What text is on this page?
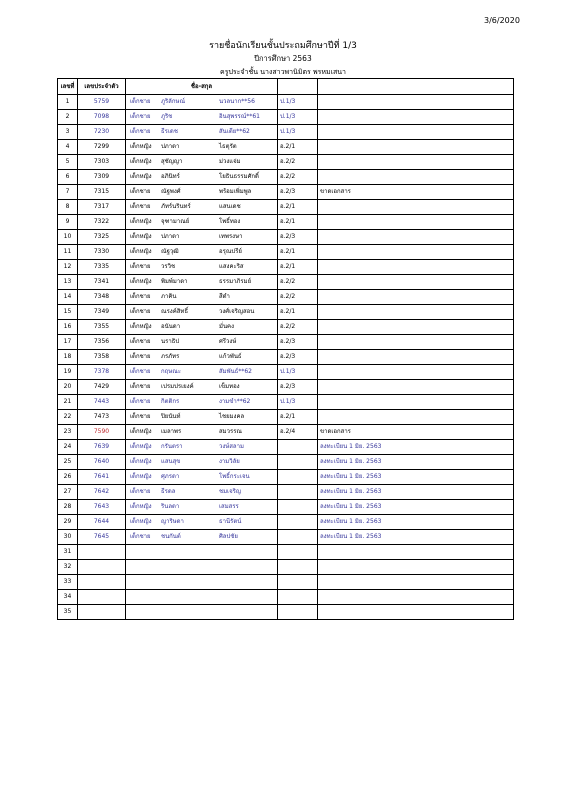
3/6/2020
รายชื่อนักเรียนชั้นประถมศึกษาปีที่ 1/3
ปีการศึกษา 2563
ครูประจำชั้น นางสาวพานิมิตร พรหมเสนา
เลขที่	เลขประจำตัว	ชื่อ-สกุล		
1	5759	เด็กชาย ภูริลักษณ์ นวลนาก**56	ป.1/3	
2	7098	เด็กชาย ภูริช อินสุพรรณ์**61	ป.1/3	
3	7230	เด็กชาย ธีรเดช สันเดีย**62	ป.1/3	
4	7299	เด็กหญิง ปภาดา ไธตุรัต	อ.2/1	
5	7303	เด็กหญิง สุชัญญา ม่วงแจ่ม	อ.2/2	
6	7309	เด็กหญิง อภินิทร์ โยธินธรรมศักดิ์	อ.2/2	
7	7315	เด็กชาย ณัฐพงศ์ พร้อมเพิ่มพูล	อ.2/3	ขาดเอกสาร
8	7317	เด็กชาย ภัทร์นรินทร์ แสนเดช	อ.2/1	
9	7322	เด็กหญิง จุฑามาณย์ โพธิ์ทอง	อ.2/1	
10	7325	เด็กหญิง ปภาดา เทพรงษา	อ.2/3	
11	7330	เด็กหญิง ณัฐวุฒิ อรุณปรีย์	อ.2/1	
12	7335	เด็กชาย วรวิช แสงคะริส	อ.2/1	
13	7341	เด็กหญิง พิมพ์มาดา ธรรมาภิรมย์	อ.2/2	
14	7348	เด็กชาย ภาคิน สีดำ	อ.2/2	
15	7349	เด็กชาย ณรงค์สิทธิ์ วงศ์เจริญสอน	อ.2/1	
16	7355	เด็กหญิง อนันดา มั่นคง	อ.2/2	
17	7356	เด็กชาย นราธิป ศรีวงษ์	อ.2/3	
18	7358	เด็กชาย ภรภัทร แก้วพันธ์	อ.2/3	
19	7378	เด็กชาย กฤษณะ สัมพันธ์**62	ป.1/3	
20	7429	เด็กชาย เปรมปรเยงค์ เข็มทอง	อ.2/3	
21	7443	เด็กชาย กิตติกร งามขำ**62	ป.1/3	
22	7473	เด็กชาย ปิยนันท์ ไชยมงคล	อ.2/1	
23	7590	เด็กหญิง เมลาพร สมวรรณ	อ.2/4	ขาดเอกสาร
24	7639	เด็กหญิง กรันตรา วงษ์สลาม		ลงทะเบียน 1 มิย. 2563
25	7640	เด็กหญิง แสนสุข งามวิลัย		ลงทะเบียน 1 มิย. 2563
26	7641	เด็กหญิง ศุภรดา โพธิ์กระเจน		ลงทะเบียน 1 มิย. 2563
27	7642	เด็กชาย ธีรดล ชมเจริญ		ลงทะเบียน 1 มิย. 2563
28	7643	เด็กหญิง รินลดา เสมสรร		ลงทะเบียน 1 มิย. 2563
29	7644	เด็กหญิง ญาริษดา ธานีรัตน์		ลงทะเบียน 1 มิย. 2563
30	7645	เด็กชาย ชนกันต์ ศิลปชัย		ลงทะเบียน 1 มิย. 2563
31				
32				
33				
34				
35				
